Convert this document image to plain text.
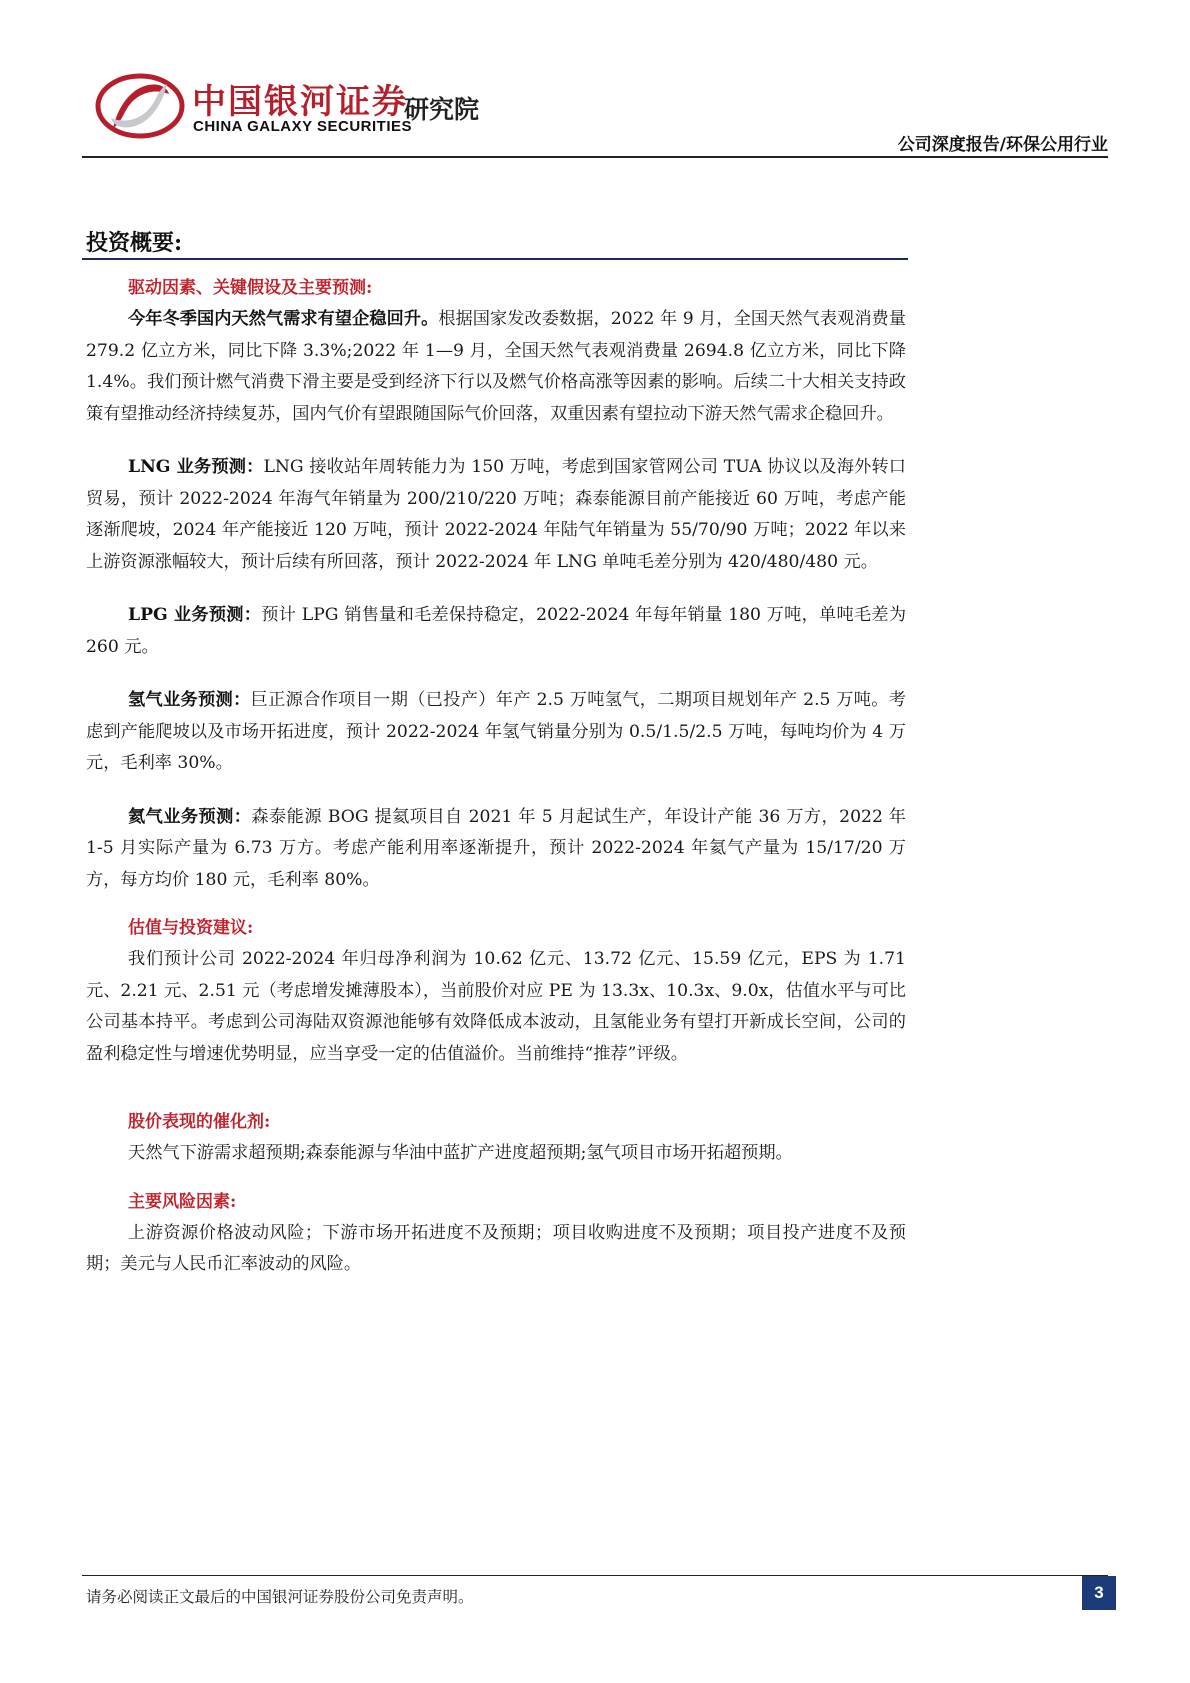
中国银河证券
CHINA GALAXY SECURITIES
研究院
公司深度报告/环保公用行业
投资概要:
驱动因素、关键假设及主要预测:

今年冬季国内天然气需求有望企稳回升。根据国家发改委数据，2022 年 9 月，全国天然气表观消费量 279.2 亿立方米，同比下降 3.3%;2022 年 1—9 月，全国天然气表观消费量 2694.8 亿立方米，同比下降 1.4%。我们预计燃气消费下滑主要是受到经济下行以及燃气价格高涨等因素的影响。后续二十大相关支持政策有望推动经济持续复苏，国内气价有望跟随国际气价回落，双重因素有望拉动下游天然气需求企稳回升。

LNG 业务预测：LNG 接收站年周转能力为 150 万吨，考虑到国家管网公司 TUA 协议以及海外转口贸易，预计 2022-2024 年海气年销量为 200/210/220 万吨；森泰能源目前产能接近 60 万吨，考虑产能逐渐爬坡，2024 年产能接近 120 万吨，预计 2022-2024 年陆气年销量为 55/70/90 万吨；2022 年以来上游资源涨幅较大，预计后续有所回落，预计 2022-2024 年 LNG 单吨毛差分别为 420/480/480 元。

LPG 业务预测：预计 LPG 销售量和毛差保持稳定，2022-2024 年每年销量 180 万吨，单吨毛差为 260 元。

氢气业务预测：巨正源合作项目一期（已投产）年产 2.5 万吨氢气，二期项目规划年产 2.5 万吨。考虑到产能爬坡以及市场开拓进度，预计 2022-2024 年氢气销量分别为 0.5/1.5/2.5 万吨，每吨均价为 4 万元，毛利率 30%。

氦气业务预测：森泰能源 BOG 提氦项目自 2021 年 5 月起试生产，年设计产能 36 万方，2022 年 1-5 月实际产量为 6.73 万方。考虑产能利用率逐渐提升，预计 2022-2024 年氦气产量为 15/17/20 万方，每方均价 180 元，毛利率 80%。

估值与投资建议:

我们预计公司 2022-2024 年归母净利润为 10.62 亿元、13.72 亿元、15.59 亿元，EPS 为 1.71 元、2.21 元、2.51 元（考虑增发摊薄股本），当前股价对应 PE 为 13.3x、10.3x、9.0x，估值水平与可比公司基本持平。考虑到公司海陆双资源池能够有效降低成本波动，且氢能业务有望打开新成长空间，公司的盈利稳定性与增速优势明显，应当享受一定的估值溢价。当前维持“推荐”评级。

股价表现的催化剂:

天然气下游需求超预期;森泰能源与华油中蓝扩产进度超预期;氢气项目市场开拓超预期。

主要风险因素:

上游资源价格波动风险；下游市场开拓进度不及预期；项目收购进度不及预期；项目投产进度不及预期；美元与人民币汇率波动的风险。

请务必阅读正文最后的中国银河证券股份公司免责声明。	3
